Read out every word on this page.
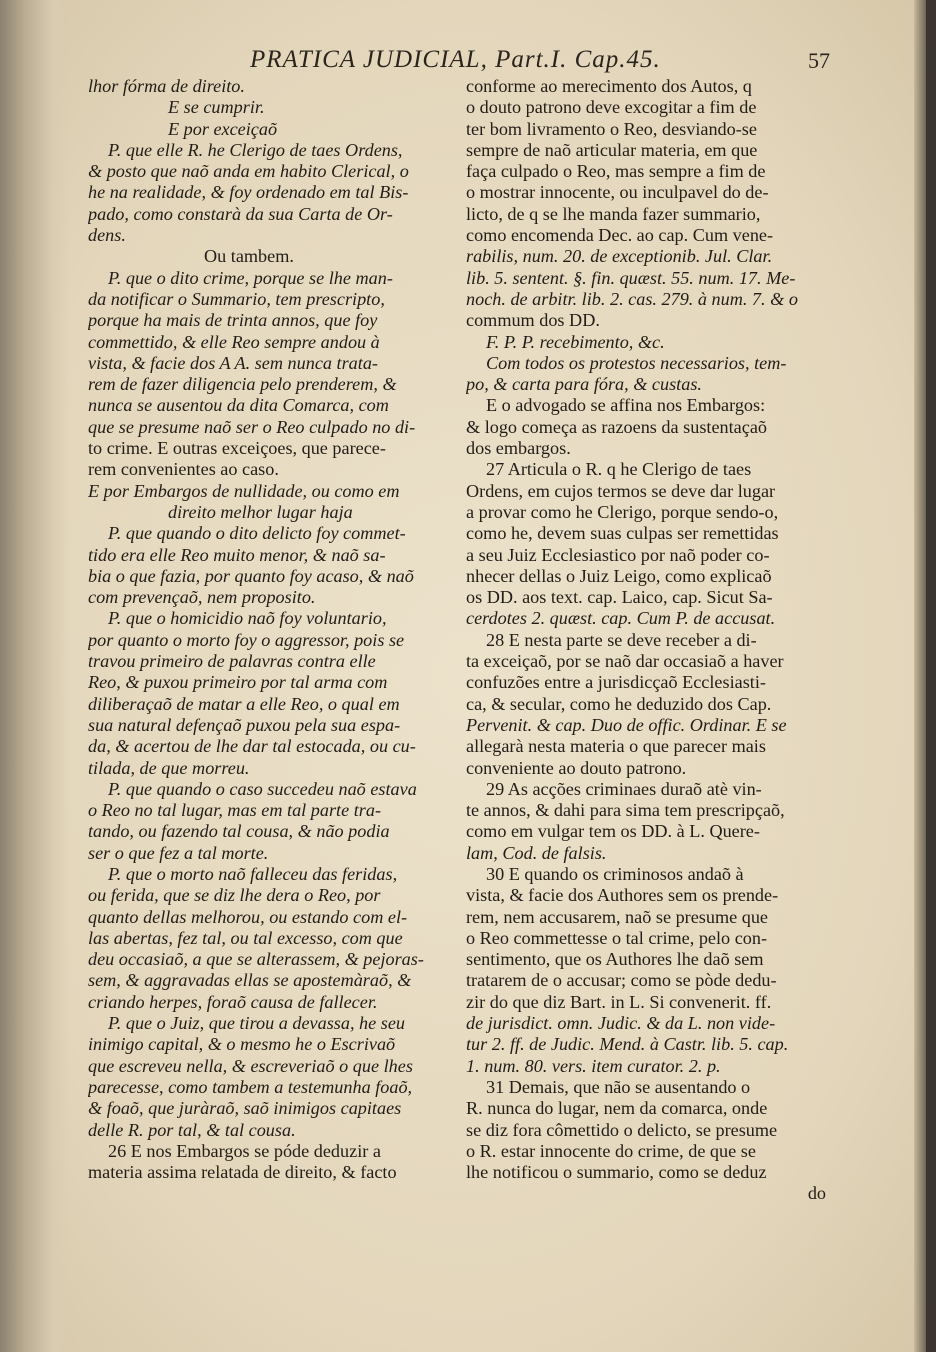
PRATICA JUDICIAL, Part.I. Cap.45.	57
lhor fórma de direito.
E se cumprir.
E por exceiçaõ
P. que elle R. he Clerigo de taes Ordens,
& posto que naõ anda em habito Clerical, o
he na realidade, & foy ordenado em tal Bis-
pado, como constarà da sua Carta de Or-
dens.
Ou tambem.
P. que o dito crime, porque se lhe man-
da notificar o Summario, tem prescripto,
porque ha mais de trinta annos, que foy
commettido, & elle Reo sempre andou à
vista, & facie dos A A. sem nunca trata-
rem de fazer diligencia pelo prenderem, &
nunca se ausentou da dita Comarca, com
que se presume naõ ser o Reo culpado no di-
to crime. E outras exceiçoes, que parece-
rem convenientes ao caso.
E por Embargos de nullidade, ou como em
direito melhor lugar haja
P. que quando o dito delicto foy commet-
tido era elle Reo muito menor, & naõ sa-
bia o que fazia, por quanto foy acaso, & naõ
com prevençaõ, nem proposito.
P. que o homicidio naõ foy voluntario,
por quanto o morto foy o aggressor, pois se
travou primeiro de palavras contra elle
Reo, & puxou primeiro por tal arma com
diliberaçaõ de matar a elle Reo, o qual em
sua natural defençaõ puxou pela sua espa-
da, & acertou de lhe dar tal estocada, ou cu-
tilada, de que morreu.
P. que quando o caso succedeu naõ estava
o Reo no tal lugar, mas em tal parte tra-
tando, ou fazendo tal cousa, & não podia
ser o que fez a tal morte.
P. que o morto naõ falleceu das feridas,
ou ferida, que se diz lhe dera o Reo, por
quanto dellas melhorou, ou estando com el-
las abertas, fez tal, ou tal excesso, com que
deu occasiaõ, a que se alterassem, & pejoras-
sem, & aggravadas ellas se apostemàraõ, &
criando herpes, foraõ causa de fallecer.
P. que o Juiz, que tirou a devassa, he seu
inimigo capital, & o mesmo he o Escrivaõ
que escreveu nella, & escreveriaõ o que lhes
parecesse, como tambem a testemunha foaõ,
& foaõ, que juràraõ, saõ inimigos capitaes
delle R. por tal, & tal cousa.
26 E nos Embargos se póde deduzir a
materia assima relatada de direito, & facto
conforme ao merecimento dos Autos, q
o douto patrono deve excogitar a fim de
ter bom livramento o Reo, desviando-se
sempre de naõ articular materia, em que
faça culpado o Reo, mas sempre a fim de
o mostrar innocente, ou inculpavel do de-
licto, de q se lhe manda fazer summario,
como encomenda Dec. ao cap. Cum vene-
rabilis, num. 20. de exceptionib. Jul. Clar.
lib. 5. sentent. §. fin. quæst. 55. num. 17. Me-
noch. de arbitr. lib. 2. cas. 279. à num. 7. & o
commum dos DD.
F. P. P. recebimento, &c.
Com todos os protestos necessarios, tem-
po, & carta para fóra, & custas.
E o advogado se affina nos Embargos:
& logo começa as razoens da sustentaçaõ
dos embargos.
27 Articula o R. q he Clerigo de taes
Ordens, em cujos termos se deve dar lugar
a provar como he Clerigo, porque sendo-o,
como he, devem suas culpas ser remettidas
a seu Juiz Ecclesiastico por naõ poder co-
nhecer dellas o Juiz Leigo, como explicaõ
os DD. aos text. cap. Laico, cap. Sicut Sa-
cerdotes 2. quæst. cap. Cum P. de accusat.
28 E nesta parte se deve receber a di-
ta exceiçaõ, por se naõ dar occasiaõ a haver
confuzões entre a jurisdicçaõ Ecclesiasti-
ca, & secular, como he deduzido dos Cap.
Pervenit. & cap. Duo de offic. Ordinar. E se
allegarà nesta materia o que parecer mais
conveniente ao douto patrono.
29 As acções criminaes duraõ atè vin-
te annos, & dahi para sima tem prescripçaõ,
como em vulgar tem os DD. à L. Quere-
lam, Cod. de falsis.
30 E quando os criminosos andaõ à
vista, & facie dos Authores sem os prende-
rem, nem accusarem, naõ se presume que
o Reo commettesse o tal crime, pelo con-
sentimento, que os Authores lhe daõ sem
tratarem de o accusar; como se pòde dedu-
zir do que diz Bart. in L. Si convenerit. ff.
de jurisdict. omn. Judic. & da L. non vide-
tur 2. ff. de Judic. Mend. à Castr. lib. 5. cap.
1. num. 80. vers. item curator. 2. p.
31 Demais, que não se ausentando o
R. nunca do lugar, nem da comarca, onde
se diz fora cômettido o delicto, se presume
o R. estar innocente do crime, de que se
lhe notificou o summario, como se deduz
do
